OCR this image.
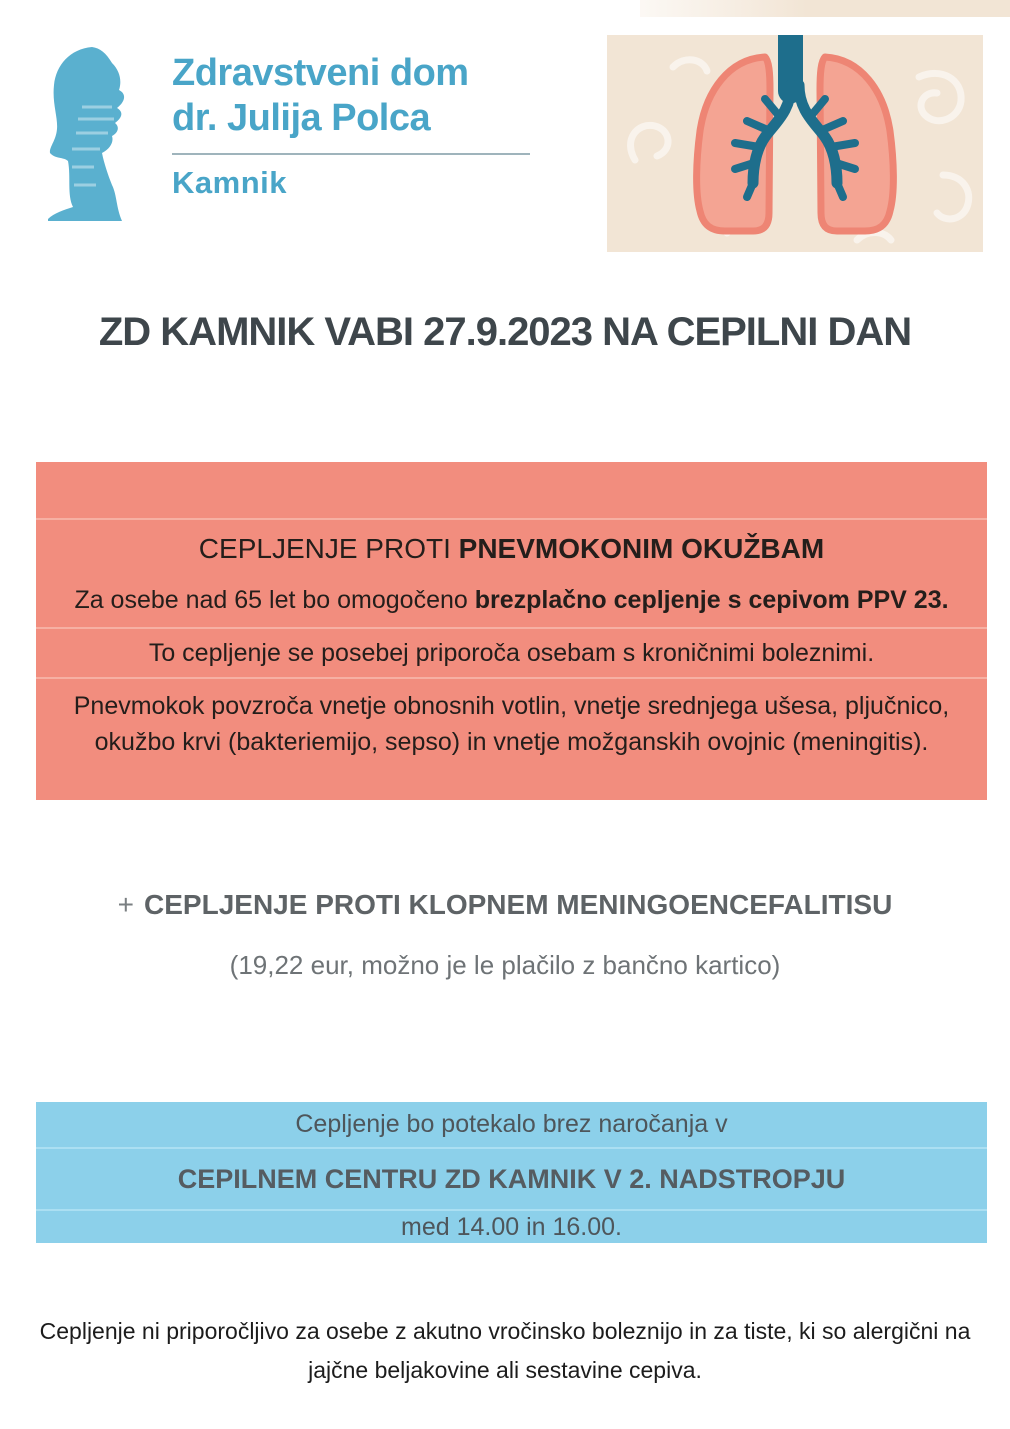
Zdravstveni dom
dr. Julija Polca
Kamnik
ZD KAMNIK VABI 27.9.2023 NA CEPILNI DAN
CEPLJENJE PROTI PNEVMOKONIM OKUŽBAM
Za osebe nad 65 let bo omogočeno brezplačno cepljenje s cepivom PPV 23.
To cepljenje se posebej priporoča osebam s kroničnimi boleznimi.
Pnevmokok povzroča vnetje obnosnih votlin, vnetje srednjega ušesa, pljučnico, okužbo krvi (bakteriemijo, sepso) in vnetje možganskih ovojnic (meningitis).
+ CEPLJENJE PROTI KLOPNEM MENINGOENCEFALITISU
(19,22 eur, možno je le plačilo z bančno kartico)
Cepljenje bo potekalo brez naročanja v
CEPILNEM CENTRU ZD KAMNIK V 2. NADSTROPJU
med 14.00 in 16.00.
Cepljenje ni priporočljivo za osebe z akutno vročinsko boleznijo in za tiste, ki so alergični na jajčne beljakovine ali sestavine cepiva.
